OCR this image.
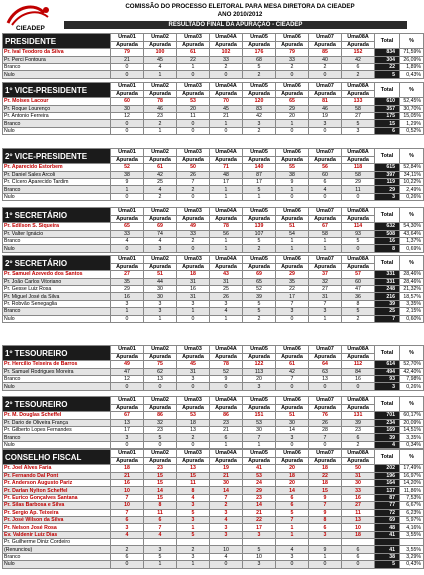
CIEADEP
COMISSÃO DO PROCESSO ELEITORAL PARA MESA DIRETORA DA CIEADEP
ANO 2010/2012
RESULTADO FINAL DA APURAÇÃO - CIEADEP
PRESIDENTE	Uma01	Uma02	Uma03	Uma04A	Uma05	Uma06	Uma07	Uma08A	Total	%
	Apurada	Apurada	Apurada	Apurada	Apurada	Apurada	Apurada	Apurada		
Pr. Ival Teodoro da Silva	79	100	61	102	176	79	85	152	834	71,59%
Pr. Perci Fontoura	21	45	22	33	68	33	40	42	304	26,09%
Branco	0	4	1	2	5	2	2	6	22	1,89%
Nulo	0	1	0	0	2	0	0	2	5	0,43%
1º VICE-PRESIDENTE	Uma01	Uma02	Uma03	Uma04A	Uma05	Uma06	Uma07	Uma08A	Total	%
	Apurada	Apurada	Apurada	Apurada	Apurada	Apurada	Apurada	Apurada		
Pr. Moises Lacour	60	78	53	70	120	65	81	133	610	52,45%
Pr. Roque Lourenço	30	46	20	45	83	29	46	58	357	30,70%
Pr. Antonio Ferreira	12	23	11	21	42	20	19	27	175	15,05%
Branco	0	2	0	1	3	1	3	5	15	1,29%
Nulo	0	1	0	0	2	0	0	3	6	0,52%
2º VICE-PRESIDENTE	Uma01	Uma02	Uma03	Uma04A	Uma05	Uma06	Uma07	Uma08A	Total	%
	Apurada	Apurada	Apurada	Apurada	Apurada	Apurada	Apurada	Apurada		
Pr. Aparecido Estorbem	52	61	50	71	140	55	56	118	615	52,84%
Pr. Daniel Sales Arcoli	38	42	26	48	87	38	60	58	397	34,11%
Pr. Cícero Aparecido Tardim	9	25	7	17	17	9	6	29	119	10,22%
Branco	1	4	2	1	5	1	4	11	29	2,49%
Nulo	0	2	0	1	1	0	0	0	3	0,26%
1º SECRETÁRIO	Uma01	Uma02	Uma03	Uma04A	Uma05	Uma06	Uma07	Uma08A	Total	%
	Apurada	Apurada	Apurada	Apurada	Apurada	Apurada	Apurada	Apurada		
Pr. Edilson S. Siqueira	65	69	49	78	139	51	67	114	632	54,30%
Pr. Valter Ignácio	33	74	33	56	107	54	58	93	508	43,64%
Branco	4	4	2	1	5	1	1	5	16	1,37%
Nulo	0	3	0	1	2	1	1	0	8	0,69%
2º SECRETÁRIO	Uma01	Uma02	Uma03	Uma04A	Uma05	Uma06	Uma07	Uma08A	Total	%
	Apurada	Apurada	Apurada	Apurada	Apurada	Apurada	Apurada	Apurada		
Pr. Samuel Azevedo dos Santos	27	51	18	43	69	29	37	57	331	28,46%
Pr. João Carlos Vitoriano	35	44	31	31	65	35	32	60	331	28,46%
Pr. Gesse Luiz Rosa	29	30	16	25	52	22	27	47	248	21,32%
Pr. Miguel José da Silva	16	30	31	26	39	17	31	36	216	18,57%
Pr. Robvão Senegaglia	3	3	3	3	5	7	7	8	39	3,35%
Branco	1	3	1	4	5	3	3	5	25	2,15%
Nulo	0	1	0	1	2	0	1	2	7	0,60%
1º TESOUREIRO	Uma01	Uma02	Uma03	Uma04A	Uma05	Uma06	Uma07	Uma08A	Total	%
	Apurada	Apurada	Apurada	Apurada	Apurada	Apurada	Apurada	Apurada		
Pr. Hercílio Teixeira de Barros	49	75	45	78	122	61	64	112	614	52,70%
Pr. Samuel Rodrigues Moreira	47	62	31	52	113	42	63	84	494	42,40%
Branco	12	13	3	9	20	7	13	16	93	7,98%
Nulo	0	0	0	0	3	0	0	0	3	0,26%
2º TESOUREIRO	Uma01	Uma02	Uma03	Uma04A	Uma05	Uma06	Uma07	Uma08A	Total	%
	Apurada	Apurada	Apurada	Apurada	Apurada	Apurada	Apurada	Apurada		
Pr. M. Douglas Scheffel	67	86	53	86	151	51	76	131	701	60,17%
Pr. Dario de Oliveira França	13	32	18	23	53	30	26	39	234	20,09%
Pr. Gilberto Lopes Fernandes	17	23	13	21	30	14	28	23	169	14,51%
Branco	3	5	2	6	7	3	7	6	39	3,35%
Nulo	0	0	0	1	1	0	0	2	4	0,34%
CONSELHO FISCAL	Uma01	Uma02	Uma03	Uma04A	Uma05	Uma06	Uma07	Uma08A	Total	%
	Apurada	Apurada	Apurada	Apurada	Apurada	Apurada	Apurada	Apurada		
Pr. Joel Alves Faria	18	23	13	19	41	20	18	50	202	17,49%
Pr. Fernando Dal Pont	21	15	15	21	53	18	22	31	196	16,97%
Pr. Anderson Augusto Pariz	16	15	11	30	24	20	18	30	164	14,20%
Pr. Darlan Nylton Scheffel	10	14	8	14	29	14	15	33	137	11,86%
Pr. Eurico Gonçalves Santana	7	15	4	7	23	6	9	16	87	7,53%
Pr. Silas Barbosa e Silva	10	8	3	2	14	6	7	27	77	6,67%
Pr. Sergio Ap. Teixeira	7	11	5	3	21	5	9	11	72	6,23%
Pr. José Wilson da Silva	6	6	3	4	22	7	8	13	69	5,97%
Pr. Nelson José Rosa	3	7	1	3	17	1	6	10	48	4,16%
Ev. Valdenir Luiz Dias	4	4	5	3	3	1	3	18	41	3,55%
Pr. Guilherme Diniz Cordeiro										
(Renunciou)	2	3	2	10	5	4	9	6	41	3,55%
Branco	6	5	3	4	10	3	1	6	38	3,29%
Nulo	0	1	1	0	3	0	0	0	5	0,43%
